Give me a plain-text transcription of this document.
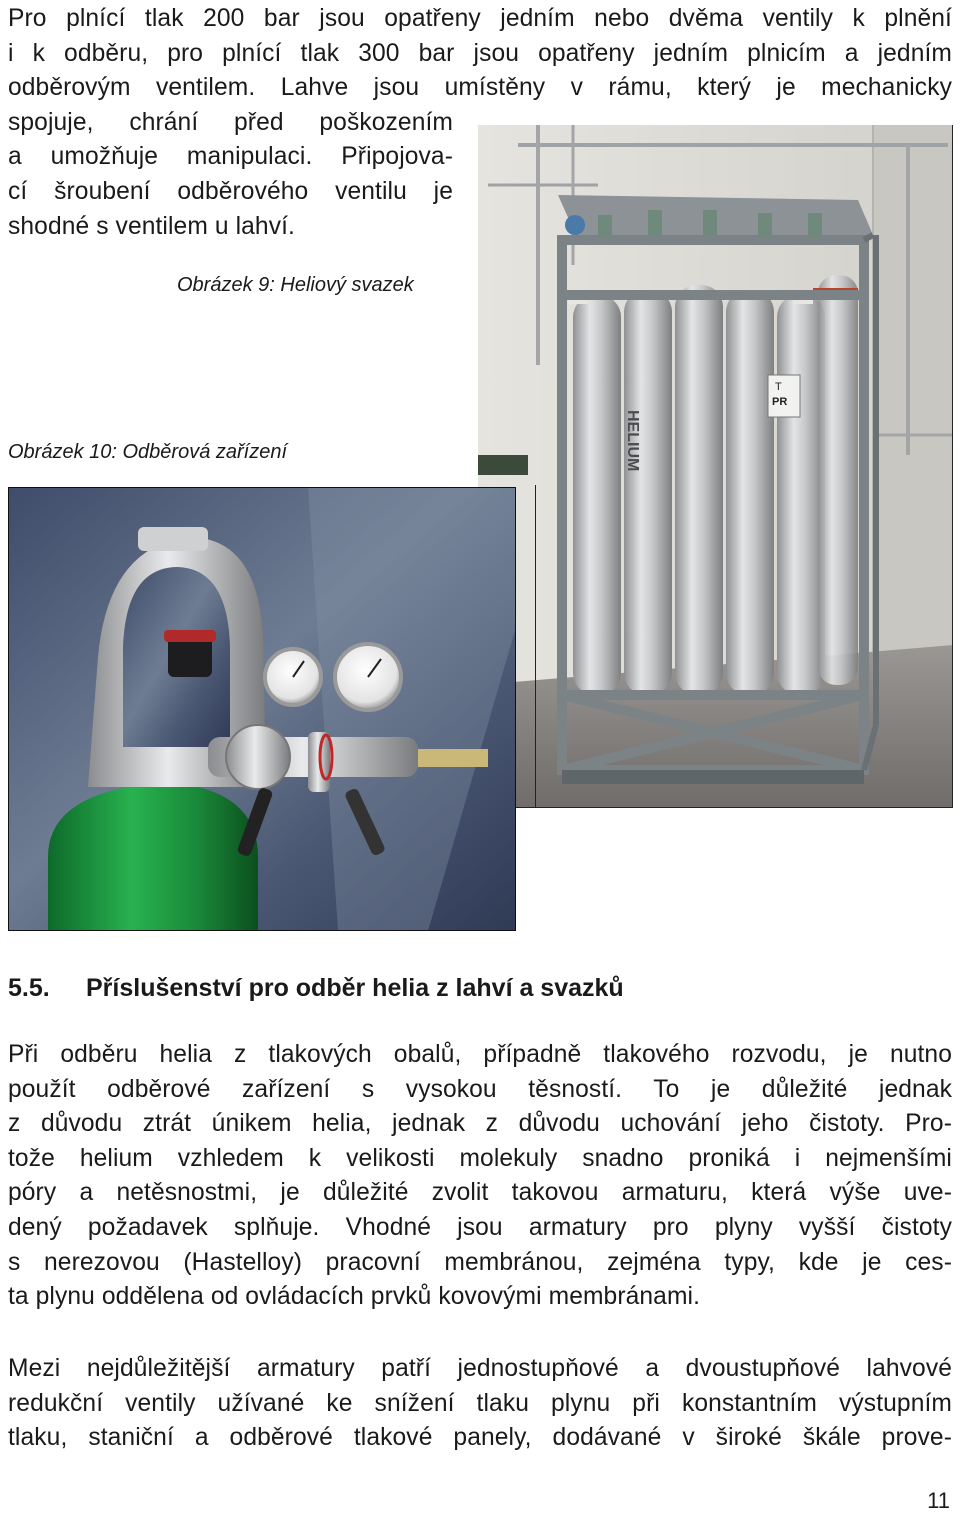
Pro plnící tlak 200 bar jsou opatřeny jedním nebo dvěma ventily k plnění
i k odběru, pro plnící tlak 300 bar jsou opatřeny jedním plnicím a jedním
odběrovým ventilem. Lahve jsou umístěny v rámu, který je mechanicky
spojuje, chrání před poškozením
a umožňuje manipulaci. Připojova-
cí šroubení odběrového ventilu je
shodné s ventilem u lahví.
Obrázek 9: Heliový svazek
Obrázek 10: Odběrová zařízení	HELIUM
T
PR
5.5. Příslušenství pro odběr helia z lahví a svazků
Při odběru helia z tlakových obalů, případně tlakového rozvodu, je nutno
použít odběrové zařízení s vysokou těsností. To je důležité jednak
z důvodu ztrát únikem helia, jednak z důvodu uchování jeho čistoty. Pro-
tože helium vzhledem k velikosti molekuly snadno proniká i nejmenšími
póry a netěsnostmi, je důležité zvolit takovou armaturu, která výše uve-
dený požadavek splňuje. Vhodné jsou armatury pro plyny vyšší čistoty
s nerezovou (Hastelloy) pracovní membránou, zejména typy, kde je ces-
ta plynu oddělena od ovládacích prvků kovovými membránami.
Mezi nejdůležitější armatury patří jednostupňové a dvoustupňové lahvové
redukční ventily užívané ke snížení tlaku plynu při konstantním výstupním
tlaku, staniční a odběrové tlakové panely, dodávané v široké škále prove-
11
